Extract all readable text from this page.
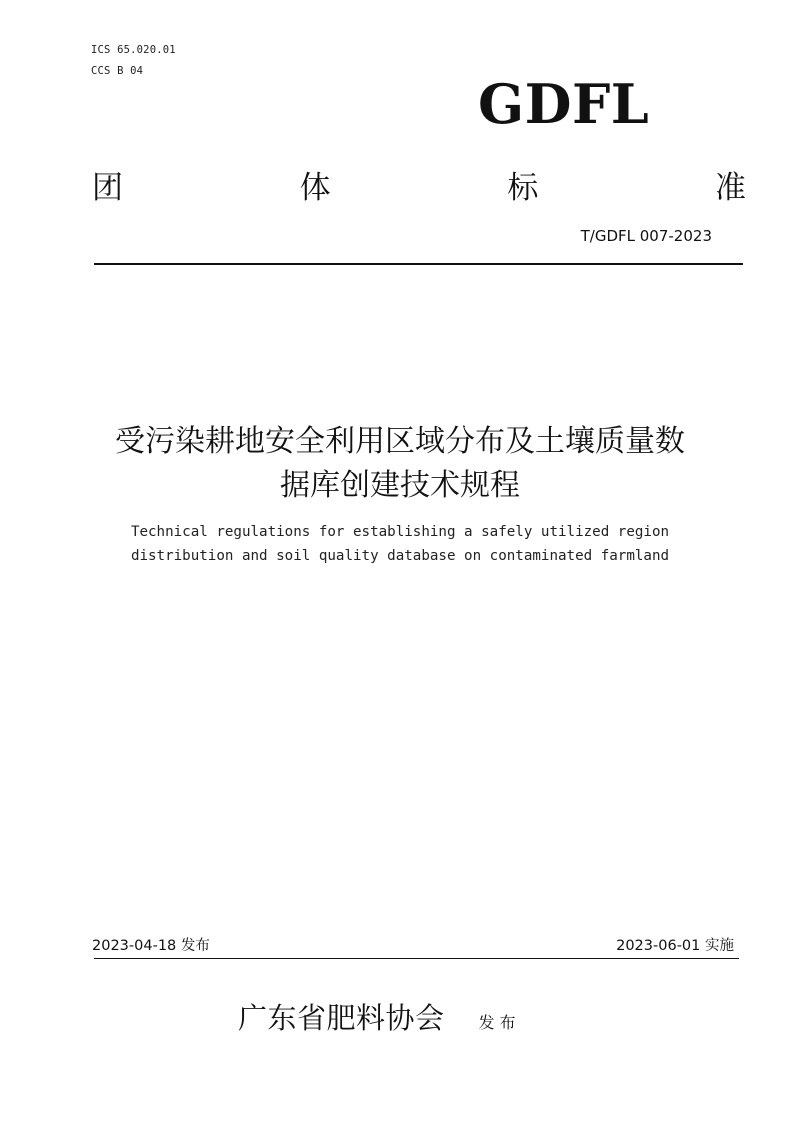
ICS 65.020.01
CCS B 04
GDFL
团	体	标	准
T/GDFL 007-2023
受污染耕地安全利用区域分布及土壤质量数
据库创建技术规程
Technical regulations for establishing a safely utilized region
distribution and soil quality database on contaminated farmland
2023-04-18 发布	2023-06-01 实施
广东省肥料协会 发布
